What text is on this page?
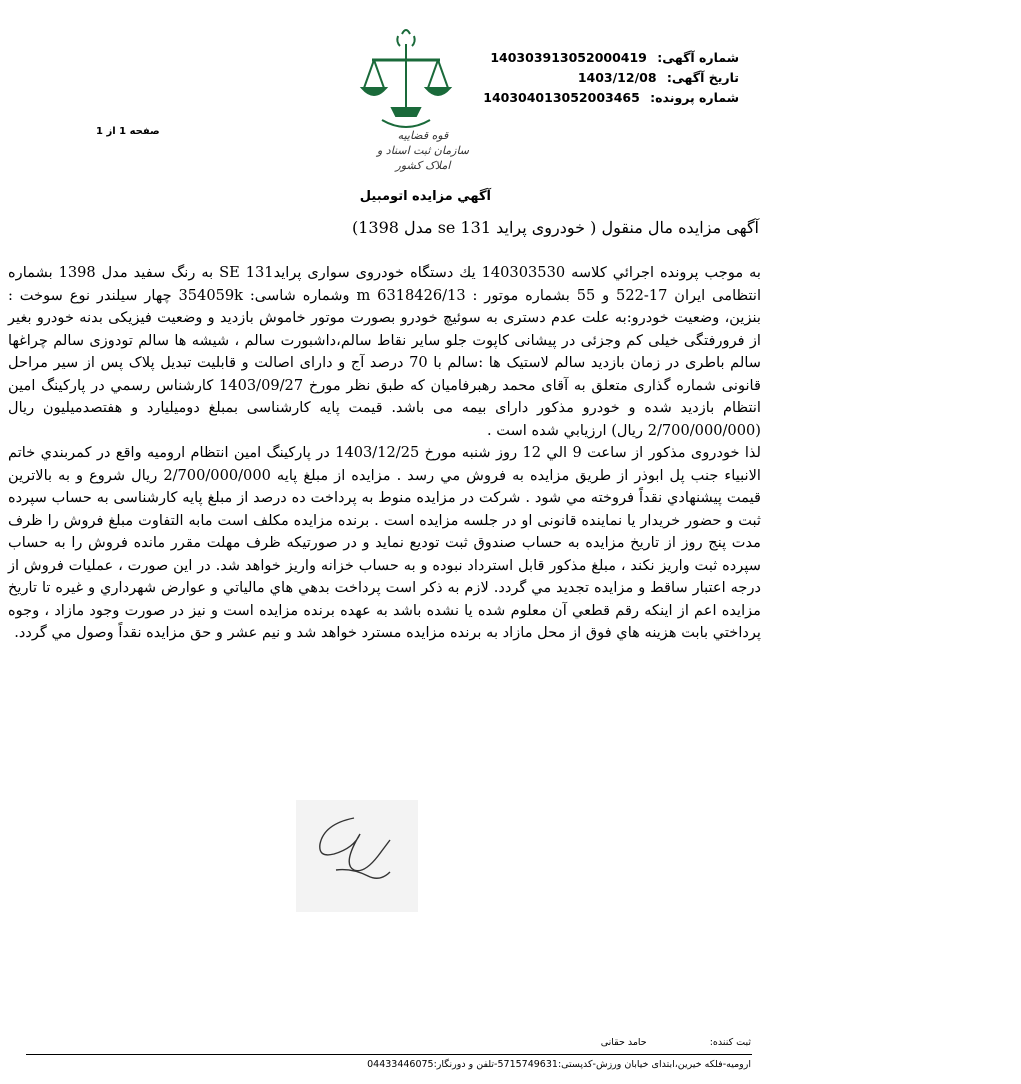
شماره آگهی: 140303913052000419
تاریخ آگهی: 1403/12/08
شماره پرونده: 140304013052003465
قوه قضاییه
سازمان ثبت اسناد و املاک کشور
صفحه 1 از 1
آگهي مزایده اتومبیل
آگهی مزایده مال منقول ( خودروی پراید 131 se مدل 1398)

به موجب پرونده اجرائي كلاسه 140303530 يك دستگاه خودروی سواری پراید131 SE به رنگ سفید مدل 1398 بشماره انتظامی ایران 17-522 و 55 بشماره موتور : 6318426/13 m وشماره شاسی: 354059k چهار سیلندر نوع سوخت : بنزین، وضعیت خودرو:به علت عدم دستری به سوئیچ خودرو بصورت موتور خاموش بازدید و وضعیت فیزیکی بدنه خودرو بغیر از فرورفتگی خیلی کم وجزئی در پیشانی کاپوت جلو سایر نقاط سالم،داشبورت سالم ، شیشه ها سالم تودوزی سالم چراغها سالم باطری در زمان بازدید سالم لاستیک ها :سالم با 70 درصد آج و دارای اصالت و قابلیت تبدیل پلاک پس از سیر مراحل قانونی شماره گذاری متعلق به آقای محمد رهبرفامیان كه طبق نظر مورخ 1403/09/27 كارشناس رسمي در پاركینگ امین انتظام بازدید شده و خودرو مذكور دارای بیمه می باشد. قیمت پایه كارشناسی بمبلغ دومیلیارد و هفتصدمیلیون ریال (2/700/000/000 ریال) ارزیابي شده است .

لذا خودروی مذكور از ساعت 9 الي 12 روز شنبه مورخ 1403/12/25 در پاركینگ امین انتظام ارومیه واقع در كمربندي خاتم الانبیاء جنب پل ابوذر از طریق مزایده به فروش مي رسد . مزایده از مبلغ پایه 2/700/000/000 ریال شروع و به بالاترین قیمت پیشنهادي نقداً فروخته مي شود . شركت در مزایده منوط به پرداخت ده درصد از مبلغ پایه كارشناسی به حساب سپرده ثبت و حضور خریدار یا نماینده قانونی او در جلسه مزایده است . برنده مزایده مكلف است مابه التفاوت مبلغ فروش را ظرف مدت پنج روز از تاریخ مزایده به حساب صندوق ثبت تودیع نماید و در صورتیكه ظرف مهلت مقرر مانده فروش را به حساب سپرده ثبت واریز نكند ، مبلغ مذكور قابل استرداد نبوده و به حساب خزانه واریز خواهد شد. در این صورت ، عملیات فروش از درجه اعتبار ساقط و مزایده تجدید مي گردد. لازم به ذكر است پرداخت بدهي هاي مالیاتي و عوارض شهرداري و غیره تا تاریخ مزایده اعم از اینكه رقم قطعي آن معلوم شده یا نشده باشد به عهده برنده مزایده است و نیز در صورت وجود مازاد ، وجوه پرداختي بابت هزینه هاي فوق از محل مازاد به برنده مزایده مسترد خواهد شد و نیم عشر و حق مزایده نقداً وصول مي گردد.

ثبت کننده: حامد حقانی
ارومیه-فلکه خیرین،ابتدای خیابان ورزش-کدپستی:5715749631-تلفن و دورنگار:04433446075
